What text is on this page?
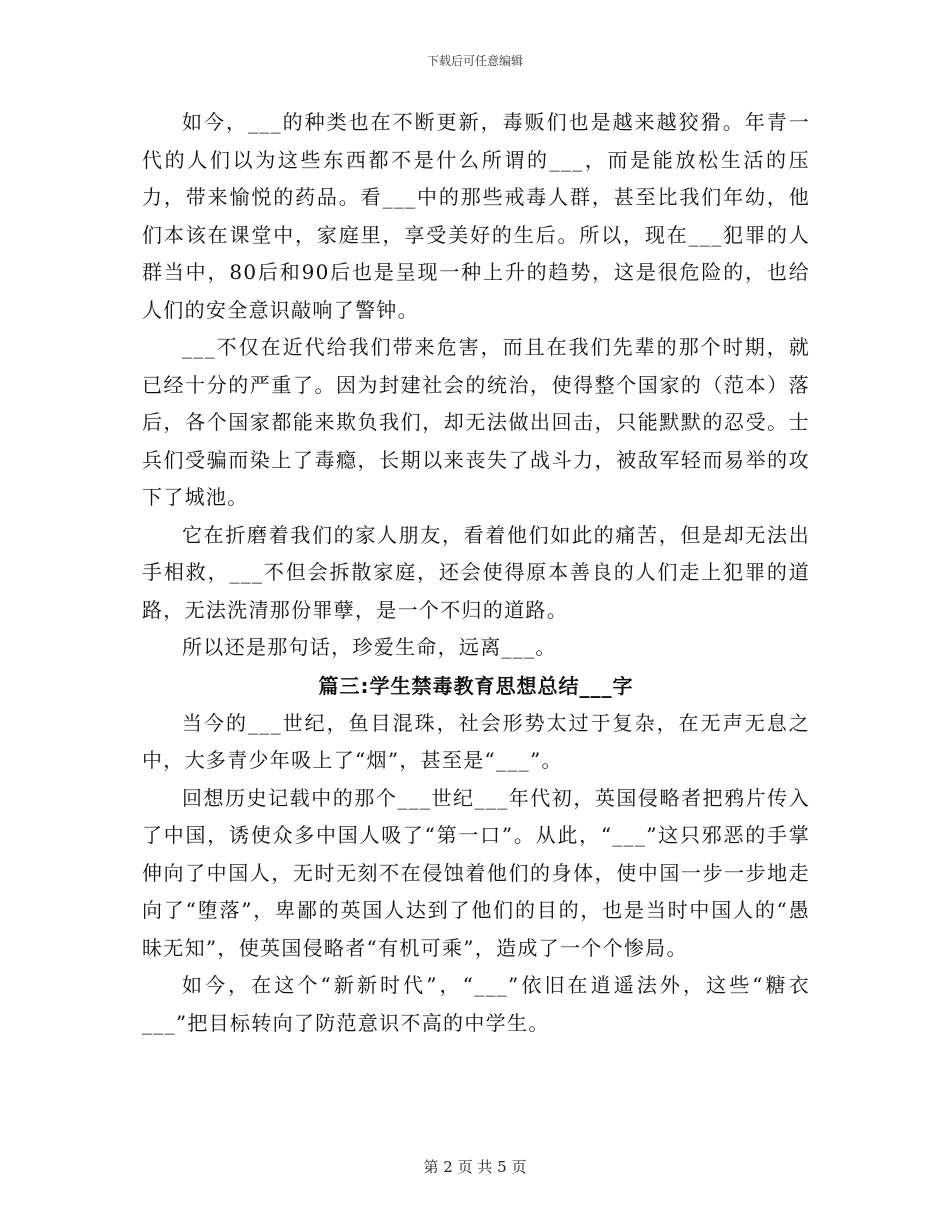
下载后可任意编辑

如今，___的种类也在不断更新，毒贩们也是越来越狡猾。年青一代的人们以为这些东西都不是什么所谓的___，而是能放松生活的压力，带来愉悦的药品。看___中的那些戒毒人群，甚至比我们年幼，他们本该在课堂中，家庭里，享受美好的生后。所以，现在___犯罪的人群当中，80后和90后也是呈现一种上升的趋势，这是很危险的，也给人们的安全意识敲响了警钟。

___不仅在近代给我们带来危害，而且在我们先辈的那个时期，就已经十分的严重了。因为封建社会的统治，使得整个国家的（范本）落后，各个国家都能来欺负我们，却无法做出回击，只能默默的忍受。士兵们受骗而染上了毒瘾，长期以来丧失了战斗力，被敌军轻而易举的攻下了城池。

它在折磨着我们的家人朋友，看着他们如此的痛苦，但是却无法出手相救，___不但会拆散家庭，还会使得原本善良的人们走上犯罪的道路，无法洗清那份罪孽，是一个不归的道路。

所以还是那句话，珍爱生命，远离___。

篇三:学生禁毒教育思想总结___字

当今的___世纪，鱼目混珠，社会形势太过于复杂，在无声无息之中，大多青少年吸上了“烟”，甚至是“___”。

回想历史记载中的那个___世纪___年代初，英国侵略者把鸦片传入了中国，诱使众多中国人吸了“第一口”。从此，“___”这只邪恶的手掌伸向了中国人，无时无刻不在侵蚀着他们的身体，使中国一步一步地走向了“堕落”，卑鄙的英国人达到了他们的目的，也是当时中国人的“愚昧无知”，使英国侵略者“有机可乘”，造成了一个个惨局。

如今，在这个“新新时代”，“___”依旧在逍遥法外，这些“糖衣___”把目标转向了防范意识不高的中学生。

第 2 页 共 5 页
